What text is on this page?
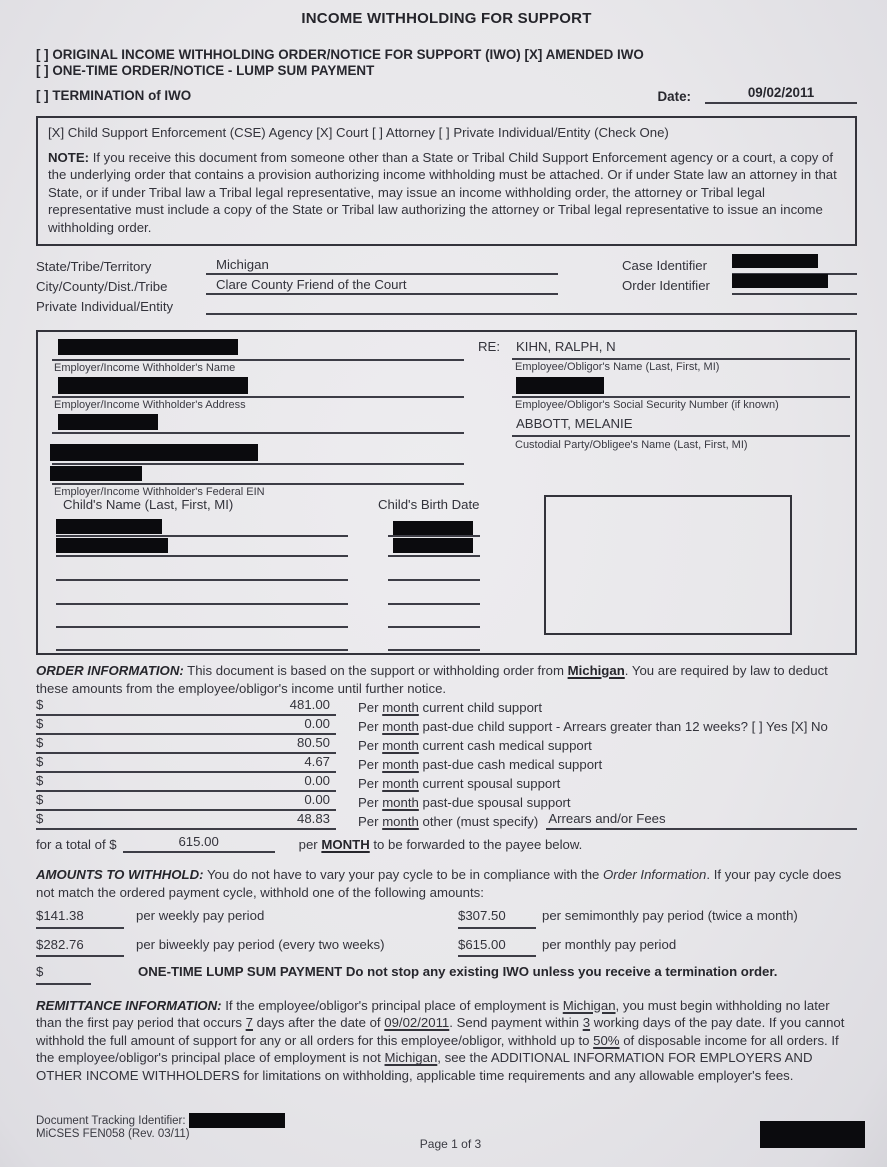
INCOME WITHHOLDING FOR SUPPORT
[ ] ORIGINAL INCOME WITHHOLDING ORDER/NOTICE FOR SUPPORT (IWO) [X] AMENDED IWO
[ ] ONE-TIME ORDER/NOTICE - LUMP SUM PAYMENT
[ ] TERMINATION of IWO	Date:	09/02/2011
[X] Child Support Enforcement (CSE) Agency [X] Court [ ] Attorney [ ] Private Individual/Entity (Check One)
NOTE: If you receive this document from someone other than a State or Tribal Child Support Enforcement agency or a court, a copy of the underlying order that contains a provision authorizing income withholding must be attached. Or if under State law an attorney in that State, or if under Tribal law a Tribal legal representative, may issue an income withholding order, the attorney or Tribal legal representative must include a copy of the State or Tribal law authorizing the attorney or Tribal legal representative to issue an income withholding order.
State/Tribe/Territory	Michigan	Case Identifier
City/County/Dist./Tribe	Clare County Friend of the Court	Order Identifier
Private Individual/Entity
Employer/Income Withholder's Name
Employer/Income Withholder's Address
Employer/Income Withholder's Federal EIN
RE: KIHN, RALPH, N
Employee/Obligor's Name (Last, First, MI)
Employee/Obligor's Social Security Number (if known)
ABBOTT, MELANIE
Custodial Party/Obligee's Name (Last, First, MI)
Child's Name (Last, First, MI)	Child's Birth Date

ORDER INFORMATION: This document is based on the support or withholding order from Michigan. You are required by law to deduct these amounts from the employee/obligor's income until further notice.

$	481.00 Per month current child support
$	0.00 Per month past-due child support - Arrears greater than 12 weeks? [ ] Yes [X] No
$	80.50 Per month current cash medical support
$	4.67 Per month past-due cash medical support
$	0.00 Per month current spousal support
$	0.00 Per month past-due spousal support
$	48.83 Per month other (must specify) Arrears and/or Fees
for a total of $	615.00	per MONTH to be forwarded to the payee below.

AMOUNTS TO WITHHOLD: You do not have to vary your pay cycle to be in compliance with the Order Information. If your pay cycle does not match the ordered payment cycle, withhold one of the following amounts:

$141.38	per weekly pay period	$307.50	per semimonthly pay period (twice a month)
$282.76	per biweekly pay period (every two weeks)	$615.00	per monthly pay period
$	ONE-TIME LUMP SUM PAYMENT Do not stop any existing IWO unless you receive a termination order.

REMITTANCE INFORMATION: If the employee/obligor's principal place of employment is Michigan, you must begin withholding no later than the first pay period that occurs 7 days after the date of 09/02/2011. Send payment within 3 working days of the pay date. If you cannot withhold the full amount of support for any or all orders for this employee/obligor, withhold up to 50% of disposable income for all orders. If the employee/obligor's principal place of employment is not Michigan, see the ADDITIONAL INFORMATION FOR EMPLOYERS AND OTHER INCOME WITHHOLDERS for limitations on withholding, applicable time requirements and any allowable employer's fees.

Document Tracking Identifier:
MiCSES FEN058 (Rev. 03/11)
Page 1 of 3
